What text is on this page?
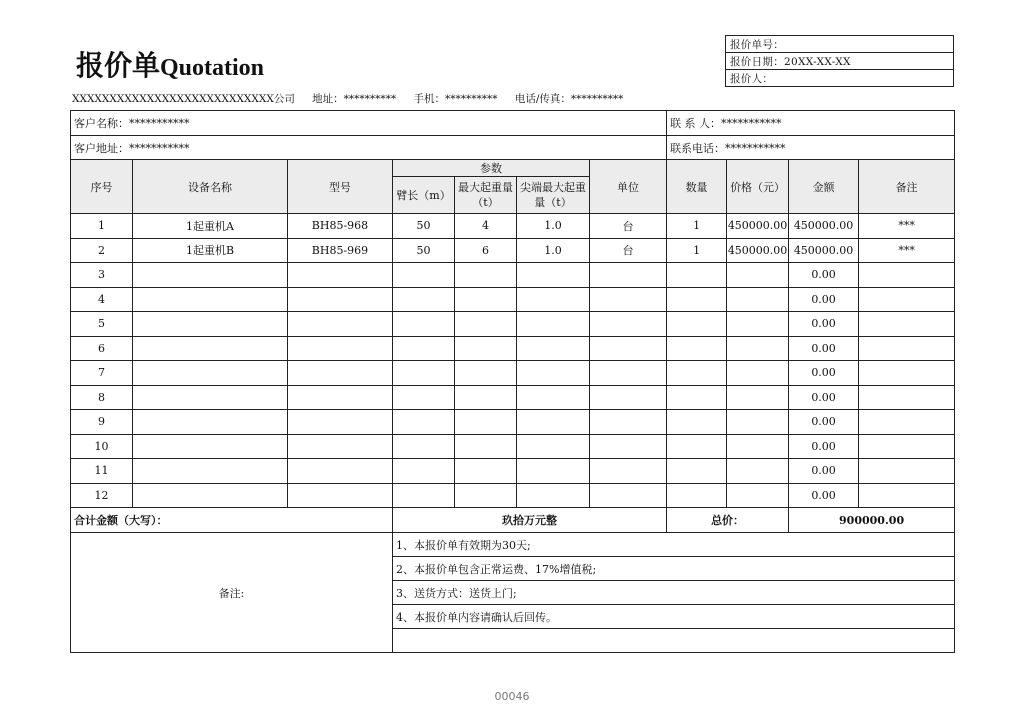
报价单Quotation
报价单号：
报价日期：20XX-XX-XX
报价人：
XXXXXXXXXXXXXXXXXXXXXXXXXXX公司 地址：********** 手机：********** 电话/传真：**********
客户名称：***********							联 系 人：***********			
客户地址：***********							联系电话：***********			
序号	设备名称	型号	参数			单位	数量	价格（元）	金额	备注
			臂长（m）	最大起重量（t）	尖端最大起重量（t）					
1	1起重机A	BH85-968	50	4	1.0	台	1	450000.00	450000.00	***
2	1起重机B	BH85-969	50	6	1.0	台	1	450000.00	450000.00	***
3									0.00	
4									0.00	
5									0.00	
6									0.00	
7									0.00	
8									0.00	
9									0.00	
10									0.00	
11									0.00	
12									0.00	
合计金额（大写）：			玖拾万元整				总价：		900000.00	
备注:			1、本报价单有效期为30天;							
			2、本报价单包含正常运费、17%增值税;							
			3、送货方式：送货上门;							
			4、本报价单内容请确认后回传。							

00046
